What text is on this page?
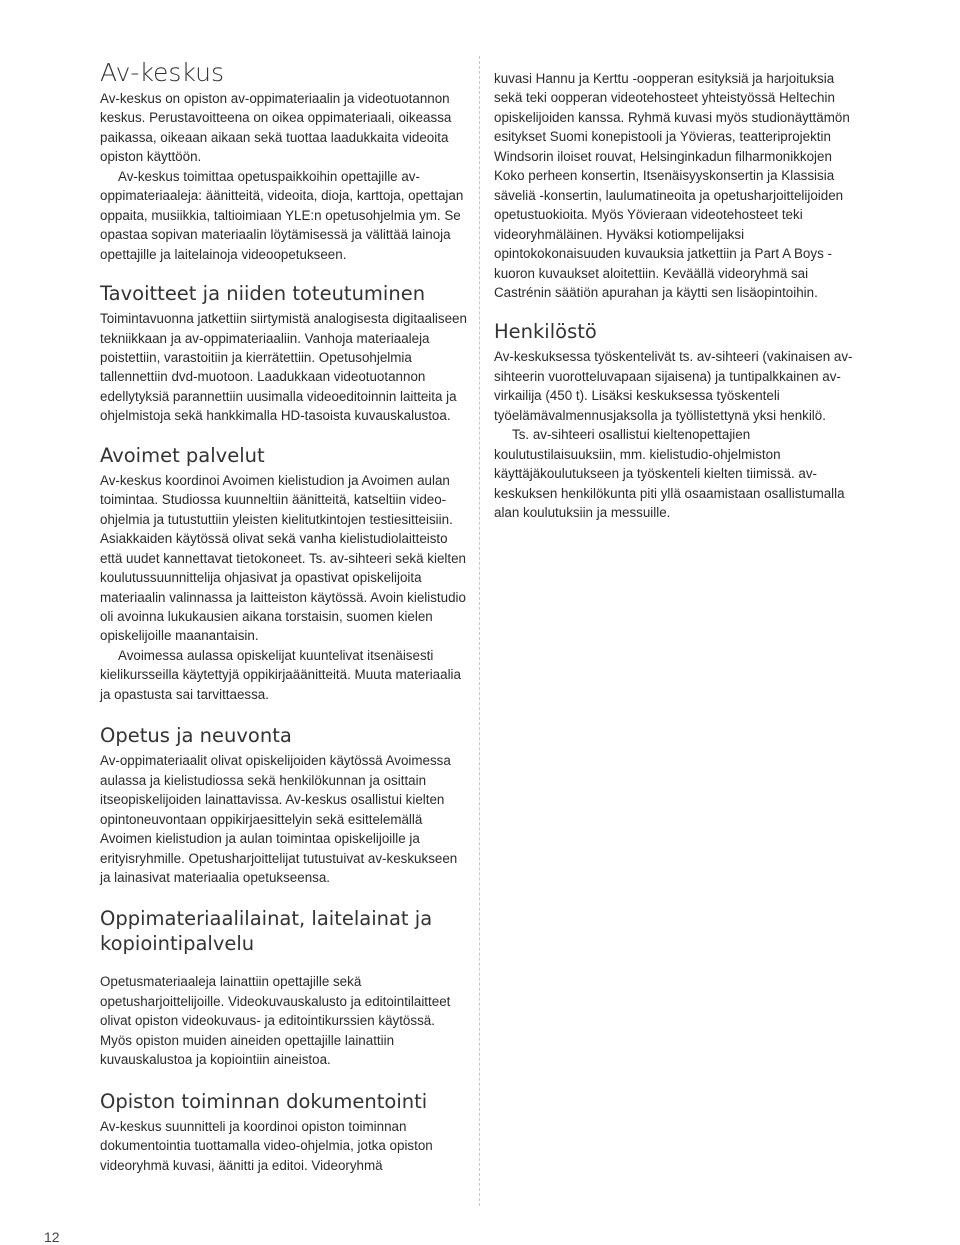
Av-keskus

Av-keskus on opiston av-oppimateriaalin ja videotuotannon keskus. Perustavoitteena on oikea oppimateriaali, oikeassa paikassa, oikeaan aikaan sekä tuottaa laadukkaita videoita opiston käyttöön.

Av-keskus toimittaa opetuspaikkoihin opettajille av-oppimateriaaleja: äänitteitä, videoita, dioja, karttoja, opettajan oppaita, musiikkia, taltioimiaan YLE:n opetusohjelmia ym. Se opastaa sopivan materiaalin löytämisessä ja välittää lainoja opettajille ja laitelainoja videoopetukseen.

Tavoitteet ja niiden toteutuminen

Toimintavuonna jatkettiin siirtymistä analogisesta digitaaliseen tekniikkaan ja av-oppimateriaaliin. Vanhoja materiaaleja poistettiin, varastoitiin ja kierrätettiin. Opetusohjelmia tallennettiin dvd-muotoon. Laadukkaan videotuotannon edellytyksiä parannettiin uusimalla videoeditoinnin laitteita ja ohjelmistoja sekä hankkimalla HD-tasoista kuvauskalustoa.

Avoimet palvelut

Av-keskus koordinoi Avoimen kielistudion ja Avoimen aulan toimintaa. Studiossa kuunneltiin äänitteitä, katseltiin video-ohjelmia ja tutustuttiin yleisten kielitutkintojen testiesitteisiin. Asiakkaiden käytössä olivat sekä vanha kielistudiolaitteisto että uudet kannettavat tietokoneet. Ts. av-sihteeri sekä kielten koulutussuunnittelija ohjasivat ja opastivat opiskelijoita materiaalin valinnassa ja laitteiston käytössä. Avoin kielistudio oli avoinna lukukausien aikana torstaisin, suomen kielen opiskelijoille maanantaisin.

Avoimessa aulassa opiskelijat kuuntelivat itsenäisesti kielikursseilla käytettyjä oppikirjaäänitteitä. Muuta materiaalia ja opastusta sai tarvittaessa.

Opetus ja neuvonta

Av-oppimateriaalit olivat opiskelijoiden käytössä Avoimessa aulassa ja kielistudiossa sekä henkilökunnan ja osittain itseopiskelijoiden lainattavissa. Av-keskus osallistui kielten opintoneuvontaan oppikirjaesittelyin sekä esittelemällä Avoimen kielistudion ja aulan toimintaa opiskelijoille ja erityisryhmille. Opetusharjoittelijat tutustuivat av-keskukseen ja lainasivat materiaalia opetukseensa.

Oppimateriaalilainat, laitelainat ja kopiointipalvelu

Opetusmateriaaleja lainattiin opettajille sekä opetusharjoittelijoille. Videokuvauskalusto ja editointilaitteet olivat opiston videokuvaus- ja editointikurssien käytössä. Myös opiston muiden aineiden opettajille lainattiin kuvauskalustoa ja kopiointiin aineistoa.

Opiston toiminnan dokumentointi

Av-keskus suunnitteli ja koordinoi opiston toiminnan dokumentointia tuottamalla video-ohjelmia, jotka opiston videoryhmä kuvasi, äänitti ja editoi. Videoryhmä

kuvasi Hannu ja Kerttu -oopperan esityksiä ja harjoituksia sekä teki oopperan videotehosteet yhteistyössä Heltechin opiskelijoiden kanssa. Ryhmä kuvasi myös studionäyttämön esitykset Suomi konepistooli ja Yövieras, teatteriprojektin Windsorin iloiset rouvat, Helsinginkadun filharmonikkojen Koko perheen konsertin, Itsenäisyyskonsertin ja Klassisia säveliä -konsertin, laulumatineoita ja opetusharjoittelijoiden opetustuokioita. Myös Yövieraan videotehosteet teki videoryhmäläinen. Hyväksi kotiompelijaksi opintokokonaisuuden kuvauksia jatkettiin ja Part A Boys -kuoron kuvaukset aloitettiin. Keväällä videoryhmä sai Castrénin säätiön apurahan ja käytti sen lisäopintoihin.

Henkilöstö

Av-keskuksessa työskentelivät ts. av-sihteeri (vakinaisen av-sihteerin vuorotteluvapaan sijaisena) ja tuntipalkkainen av-virkailija (450 t). Lisäksi keskuksessa työskenteli työelämävalmennusjaksolla ja työllistettynä yksi henkilö.

Ts. av-sihteeri osallistui kieltenopettajien koulutustilaisuuksiin, mm. kielistudio-ohjelmiston käyttäjäkoulutukseen ja työskenteli kielten tiimissä. av-keskuksen henkilökunta piti yllä osaamistaan osallistumalla alan koulutuksiin ja messuille.

12
